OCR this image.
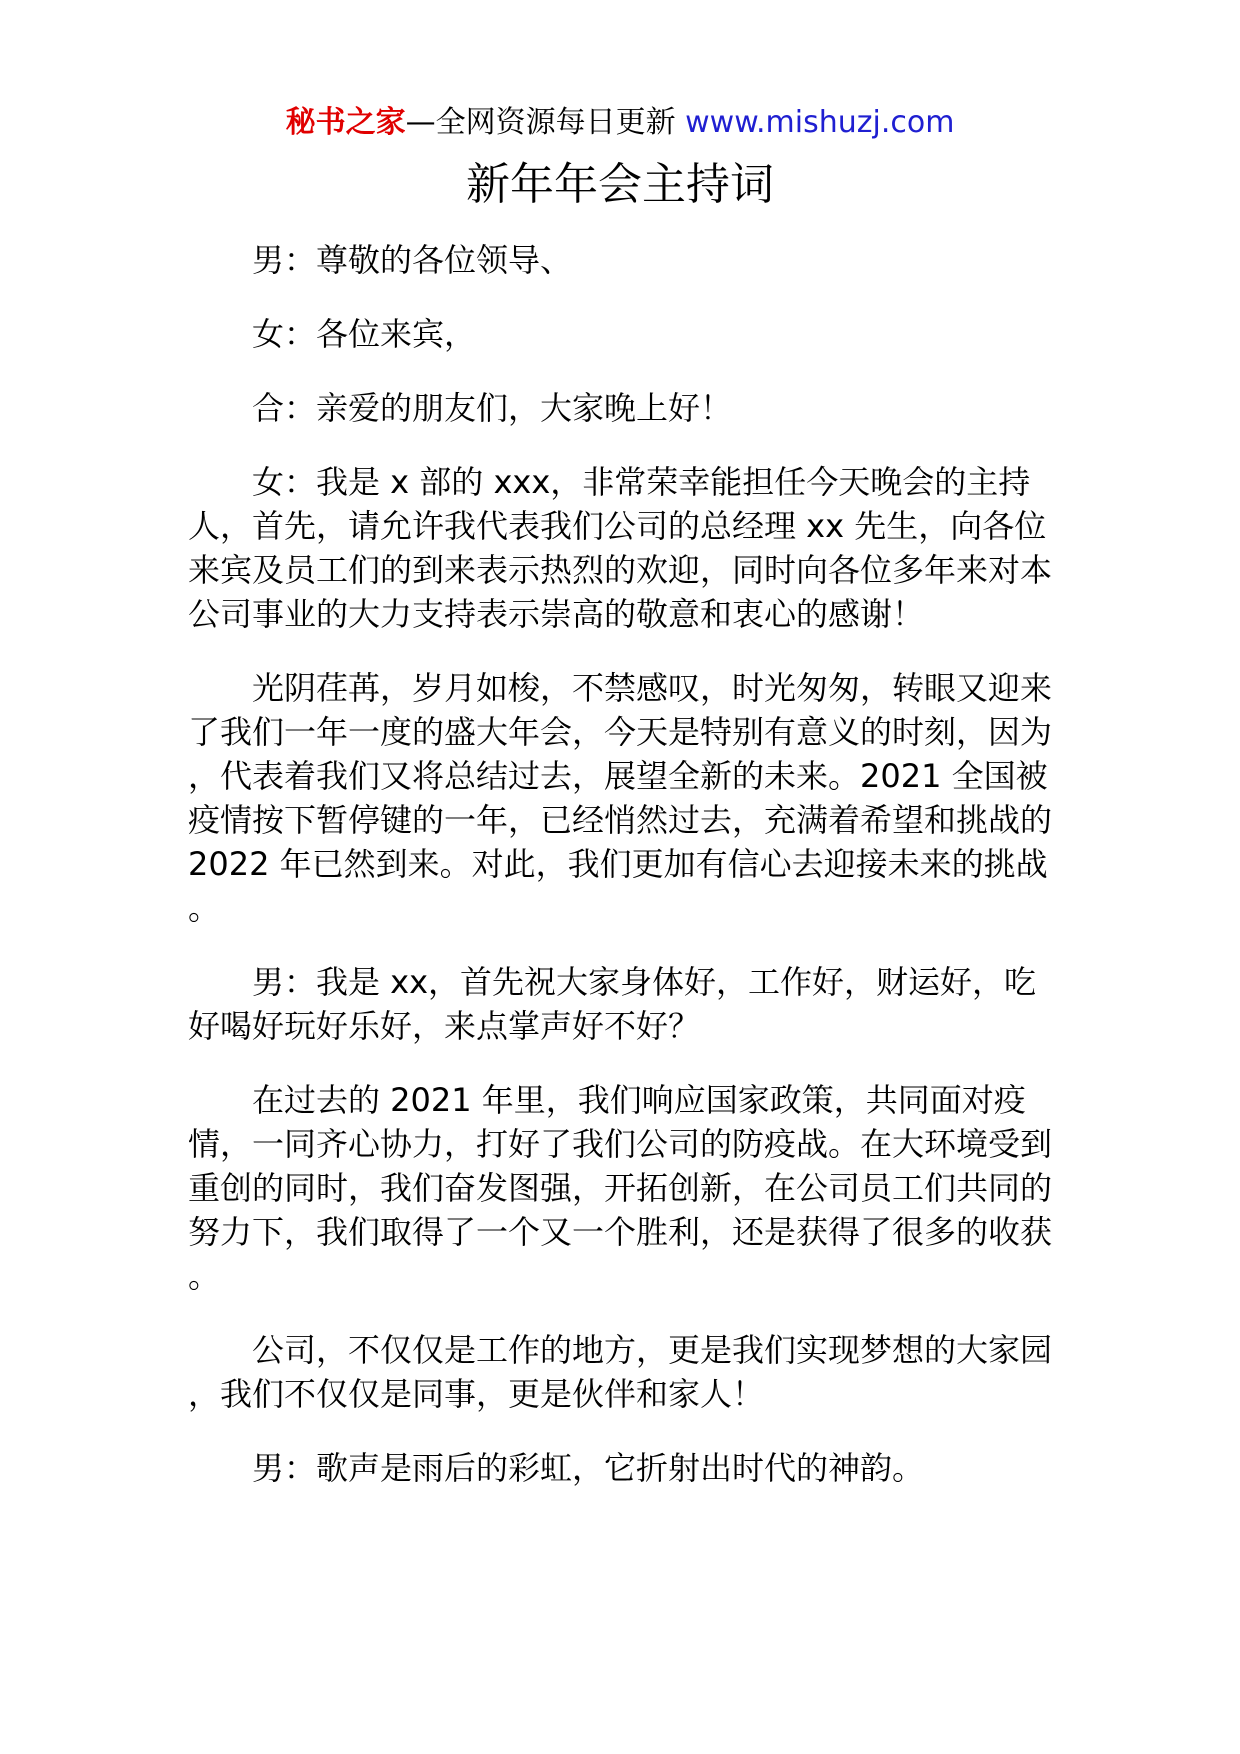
秘书之家—全网资源每日更新 www.mishuzj.com
新年年会主持词

男：尊敬的各位领导、

女：各位来宾，

合：亲爱的朋友们，大家晚上好！

女：我是 x 部的 xxx，非常荣幸能担任今天晚会的主持人，首先，请允许我代表我们公司的总经理 xx 先生，向各位来宾及员工们的到来表示热烈的欢迎，同时向各位多年来对本公司事业的大力支持表示崇高的敬意和衷心的感谢！

光阴荏苒，岁月如梭，不禁感叹，时光匆匆，转眼又迎来了我们一年一度的盛大年会，今天是特别有意义的时刻，因为，代表着我们又将总结过去，展望全新的未来。2021 全国被疫情按下暂停键的一年，已经悄然过去，充满着希望和挑战的 2022 年已然到来。对此，我们更加有信心去迎接未来的挑战。

男：我是 xx，首先祝大家身体好，工作好，财运好，吃好喝好玩好乐好，来点掌声好不好？

在过去的 2021 年里，我们响应国家政策，共同面对疫情，一同齐心协力，打好了我们公司的防疫战。在大环境受到重创的同时，我们奋发图强，开拓创新，在公司员工们共同的努力下，我们取得了一个又一个胜利，还是获得了很多的收获。

公司，不仅仅是工作的地方，更是我们实现梦想的大家园，我们不仅仅是同事，更是伙伴和家人！

男：歌声是雨后的彩虹，它折射出时代的神韵。
